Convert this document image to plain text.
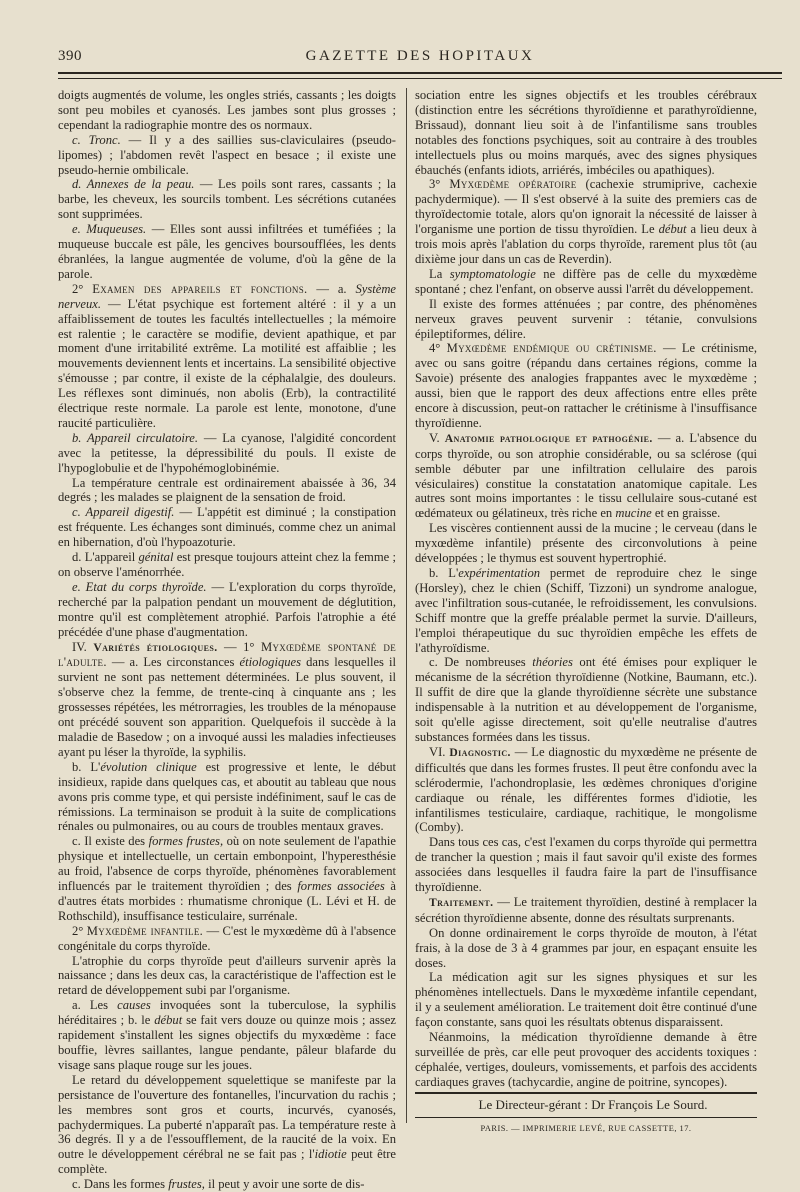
390	GAZETTE DES HOPITAUX

doigts augmentés de volume, les ongles striés, cassants ; les doigts sont peu mobiles et cyanosés. Les jambes sont plus grosses ; cependant la radiographie montre des os normaux.

c. Tronc. — Il y a des saillies sus-claviculaires (pseudo-lipomes) ; l'abdomen revêt l'aspect en besace ; il existe une pseudo-hernie ombilicale.

d. Annexes de la peau. — Les poils sont rares, cassants ; la barbe, les cheveux, les sourcils tombent. Les sécrétions cutanées sont supprimées.

e. Muqueuses. — Elles sont aussi infiltrées et tuméfiées ; la muqueuse buccale est pâle, les gencives boursoufflées, les dents ébranlées, la langue augmentée de volume, d'où la gêne de la parole.

2° Examen des appareils et fonctions. — a. Système nerveux. — L'état psychique est fortement altéré : il y a un affaiblissement de toutes les facultés intellectuelles ; la mémoire est ralentie ; le caractère se modifie, devient apathique, et par moment d'une irritabilité extrême. La motilité est affaiblie ; les mouvements deviennent lents et incertains. La sensibilité objective s'émousse ; par contre, il existe de la céphalalgie, des douleurs. Les réflexes sont diminués, non abolis (Erb), la contractilité électrique reste normale. La parole est lente, monotone, d'une raucité particulière.

b. Appareil circulatoire. — La cyanose, l'algidité concordent avec la petitesse, la dépressibilité du pouls. Il existe de l'hypoglobulie et de l'hypohémoglobinémie.

La température centrale est ordinairement abaissée à 36, 34 degrés ; les malades se plaignent de la sensation de froid.

c. Appareil digestif. — L'appétit est diminué ; la constipation est fréquente. Les échanges sont diminués, comme chez un animal en hibernation, d'où l'hypoazoturie.

d. L'appareil génital est presque toujours atteint chez la femme ; on observe l'aménorrhée.

e. Etat du corps thyroïde. — L'exploration du corps thyroïde, recherché par la palpation pendant un mouvement de déglutition, montre qu'il est complètement atrophié. Parfois l'atrophie a été précédée d'une phase d'augmentation.

IV. Variétés étiologiques. — 1° Myxœdème spontané de l'adulte. — a. Les circonstances étiologiques dans lesquelles il survient ne sont pas nettement déterminées. Le plus souvent, il s'observe chez la femme, de trente-cinq à cinquante ans ; les grossesses répétées, les métrorragies, les troubles de la ménopause ont précédé souvent son apparition. Quelquefois il succède à la maladie de Basedow ; on a invoqué aussi les maladies infectieuses ayant pu léser la thyroïde, la syphilis.

b. L'évolution clinique est progressive et lente, le début insidieux, rapide dans quelques cas, et aboutit au tableau que nous avons pris comme type, et qui persiste indéfiniment, sauf le cas de rémissions. La terminaison se produit à la suite de complications rénales ou pulmonaires, ou au cours de troubles mentaux graves.

c. Il existe des formes frustes, où on note seulement de l'apathie physique et intellectuelle, un certain embonpoint, l'hyperesthésie au froid, l'absence de corps thyroïde, phénomènes favorablement influencés par le traitement thyroïdien ; des formes associées à d'autres états morbides : rhumatisme chronique (L. Lévi et H. de Rothschild), insuffisance testiculaire, surrénale.

2° Myxœdème infantile. — C'est le myxœdème dû à l'absence congénitale du corps thyroïde.

L'atrophie du corps thyroïde peut d'ailleurs survenir après la naissance ; dans les deux cas, la caractéristique de l'affection est le retard de développement subi par l'organisme.

a. Les causes invoquées sont la tuberculose, la syphilis héréditaires ; b. le début se fait vers douze ou quinze mois ; assez rapidement s'installent les signes objectifs du myxœdème : face bouffie, lèvres saillantes, langue pendante, pâleur blafarde du visage sans plaque rouge sur les joues.

Le retard du développement squelettique se manifeste par la persistance de l'ouverture des fontanelles, l'incurvation du rachis ; les membres sont gros et courts, incurvés, cyanosés, pachydermiques. La puberté n'apparaît pas. La température reste à 36 degrés. Il y a de l'essoufflement, de la raucité de la voix. En outre le développement cérébral ne se fait pas ; l'idiotie peut être complète.

c. Dans les formes frustes, il peut y avoir une sorte de dis-

sociation entre les signes objectifs et les troubles cérébraux (distinction entre les sécrétions thyroïdienne et parathyroïdienne, Brissaud), donnant lieu soit à de l'infantilisme sans troubles notables des fonctions psychiques, soit au contraire à des troubles intellectuels plus ou moins marqués, avec des signes physiques ébauchés (enfants idiots, arriérés, imbéciles ou apathiques).

3° Myxœdème opératoire (cachexie strumiprive, cachexie pachydermique). — Il s'est observé à la suite des premiers cas de thyroïdectomie totale, alors qu'on ignorait la nécessité de laisser à l'organisme une portion de tissu thyroïdien. Le début a lieu deux à trois mois après l'ablation du corps thyroïde, rarement plus tôt (au dixième jour dans un cas de Reverdin).

La symptomatologie ne diffère pas de celle du myxœdème spontané ; chez l'enfant, on observe aussi l'arrêt du développement.

Il existe des formes atténuées ; par contre, des phénomènes nerveux graves peuvent survenir : tétanie, convulsions épileptiformes, délire.

4° Myxœdème endémique ou crétinisme. — Le crétinisme, avec ou sans goitre (répandu dans certaines régions, comme la Savoie) présente des analogies frappantes avec le myxœdème ; aussi, bien que le rapport des deux affections entre elles prête encore à discussion, peut-on rattacher le crétinisme à l'insuffisance thyroïdienne.

V. Anatomie pathologique et pathogénie. — a. L'absence du corps thyroïde, ou son atrophie considérable, ou sa sclérose (qui semble débuter par une infiltration cellulaire des parois vésiculaires) constitue la constatation anatomique capitale. Les autres sont moins importantes : le tissu cellulaire sous-cutané est œdémateux ou gélatineux, très riche en mucine et en graisse.

Les viscères contiennent aussi de la mucine ; le cerveau (dans le myxœdème infantile) présente des circonvolutions à peine développées ; le thymus est souvent hypertrophié.

b. L'expérimentation permet de reproduire chez le singe (Horsley), chez le chien (Schiff, Tizzoni) un syndrome analogue, avec l'infiltration sous-cutanée, le refroidissement, les convulsions. Schiff montre que la greffe préalable permet la survie. D'ailleurs, l'emploi thérapeutique du suc thyroïdien empêche les effets de l'athyroïdisme.

c. De nombreuses théories ont été émises pour expliquer le mécanisme de la sécrétion thyroïdienne (Notkine, Baumann, etc.). Il suffit de dire que la glande thyroïdienne sécrète une substance indispensable à la nutrition et au développement de l'organisme, soit qu'elle agisse directement, soit qu'elle neutralise d'autres substances formées dans les tissus.

VI. Diagnostic. — Le diagnostic du myxœdème ne présente de difficultés que dans les formes frustes. Il peut être confondu avec la sclérodermie, l'achondroplasie, les œdèmes chroniques d'origine cardiaque ou rénale, les différentes formes d'idiotie, les infantilismes testiculaire, cardiaque, rachitique, le mongolisme (Comby).

Dans tous ces cas, c'est l'examen du corps thyroïde qui permettra de trancher la question ; mais il faut savoir qu'il existe des formes associées dans lesquelles il faudra faire la part de l'insuffisance thyroïdienne.

Traitement. — Le traitement thyroïdien, destiné à remplacer la sécrétion thyroïdienne absente, donne des résultats surprenants.

On donne ordinairement le corps thyroïde de mouton, à l'état frais, à la dose de 3 à 4 grammes par jour, en espaçant ensuite les doses.

La médication agit sur les signes physiques et sur les phénomènes intellectuels. Dans le myxœdème infantile cependant, il y a seulement amélioration. Le traitement doit être continué d'une façon constante, sans quoi les résultats obtenus disparaissent.

Néanmoins, la médication thyroïdienne demande à être surveillée de près, car elle peut provoquer des accidents toxiques : céphalée, vertiges, douleurs, vomissements, et parfois des accidents cardiaques graves (tachycardie, angine de poitrine, syncopes).

Le Directeur-gérant : Dr François Le Sourd.

PARIS. — IMPRIMERIE LEVÉ, RUE CASSETTE, 17.
